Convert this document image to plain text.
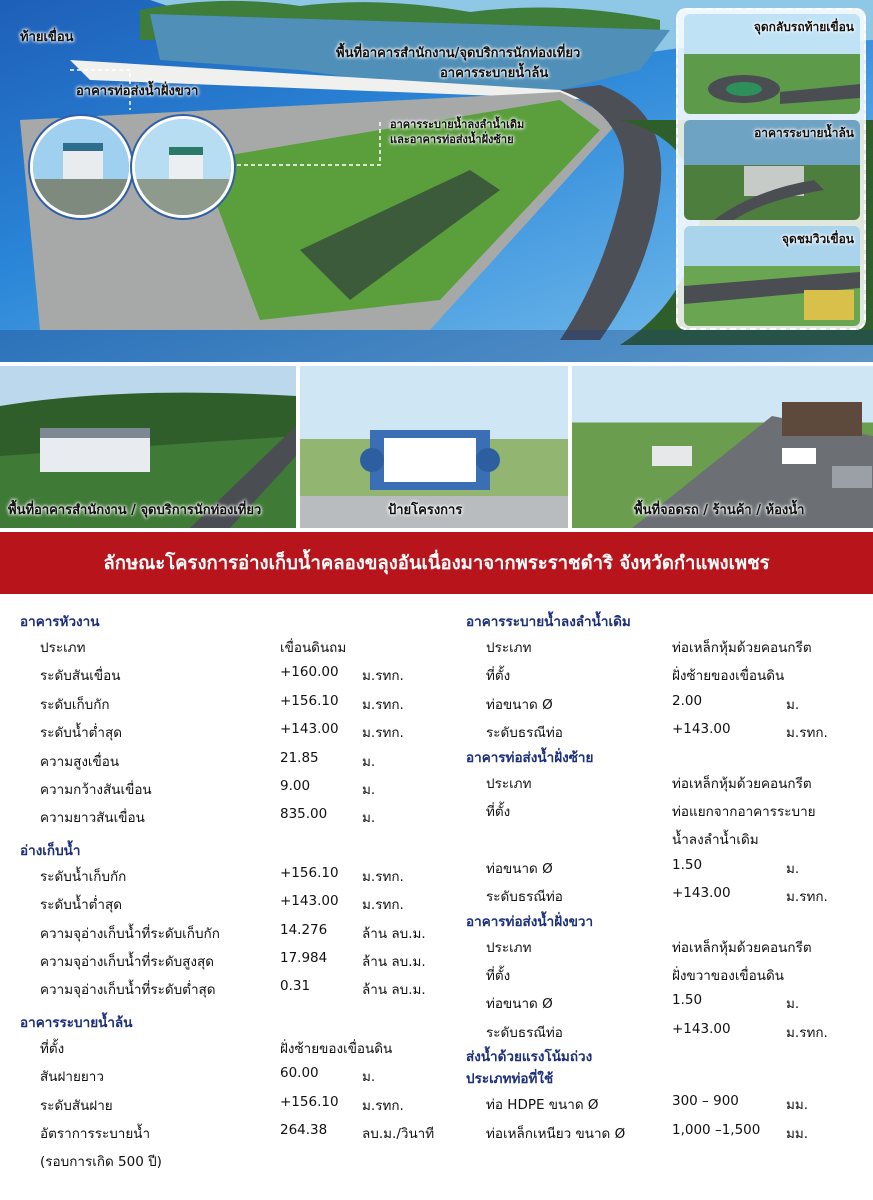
ท้ายเขื่อน
พื้นที่อาคารสำนักงาน/จุดบริการนักท่องเที่ยว
อาคารระบายน้ำล้น
อาคารท่อส่งน้ำฝั่งขวา
อาคารระบายน้ำลงลำน้ำเดิม
และอาคารท่อส่งน้ำฝั่งซ้าย
จุดกลับรถท้ายเขื่อน
อาคารระบายน้ำล้น
จุดชมวิวเขื่อน
พื้นที่อาคารสำนักงาน / จุดบริการนักท่องเที่ยว	ป้ายโครงการ	พื้นที่จอดรถ / ร้านค้า / ห้องน้ำ
ลักษณะโครงการอ่างเก็บน้ำคลองขลุงอันเนื่องมาจากพระราชดำริ จังหวัดกำแพงเพชร
อาคารหัวงาน
ประเภท	เขื่อนดินถม
ระดับสันเขื่อน	+160.00 ม.รทก.
ระดับเก็บกัก	+156.10 ม.รทก.
ระดับน้ำต่ำสุด	+143.00 ม.รทก.
ความสูงเขื่อน	21.85	ม.
ความกว้างสันเขื่อน	9.00	ม.
ความยาวสันเขื่อน	835.00	ม.
อ่างเก็บน้ำ
ระดับน้ำเก็บกัก	+156.10 ม.รทก.
ระดับน้ำต่ำสุด	+143.00 ม.รทก.
ความจุอ่างเก็บน้ำที่ระดับเก็บกัก	14.276	ล้าน ลบ.ม.
ความจุอ่างเก็บน้ำที่ระดับสูงสุด	17.984	ล้าน ลบ.ม.
ความจุอ่างเก็บน้ำที่ระดับต่ำสุด	0.31	ล้าน ลบ.ม.
อาคารระบายน้ำล้น
ที่ตั้ง	ฝั่งซ้ายของเขื่อนดิน
สันฝายยาว	60.00	ม.
ระดับสันฝาย	+156.10 ม.รทก.
อัตราการระบายน้ำ	264.38	ลบ.ม./วินาที
(รอบการเกิด 500 ปี)
อาคารระบายน้ำลงลำน้ำเดิม
ประเภท	ท่อเหล็กหุ้มด้วยคอนกรีต
ที่ตั้ง	ฝั่งซ้ายของเขื่อนดิน
ท่อขนาด Ø	2.00	ม.
ระดับธรณีท่อ	+143.00	ม.รทก.
อาคารท่อส่งน้ำฝั่งซ้าย
ประเภท	ท่อเหล็กหุ้มด้วยคอนกรีต
ที่ตั้ง	ท่อแยกจากอาคารระบาย
น้ำลงลำน้ำเดิม
ท่อขนาด Ø	1.50	ม.
ระดับธรณีท่อ	+143.00	ม.รทก.
อาคารท่อส่งน้ำฝั่งขวา
ประเภท	ท่อเหล็กหุ้มด้วยคอนกรีต
ที่ตั้ง	ฝั่งขวาของเขื่อนดิน
ท่อขนาด Ø	1.50	ม.
ระดับธรณีท่อ	+143.00	ม.รทก.
ส่งน้ำด้วยแรงโน้มถ่วง
ประเภทท่อที่ใช้
ท่อ HDPE ขนาด Ø	300 – 900	มม.
ท่อเหล็กเหนียว ขนาด Ø	1,000 –1,500 มม.
